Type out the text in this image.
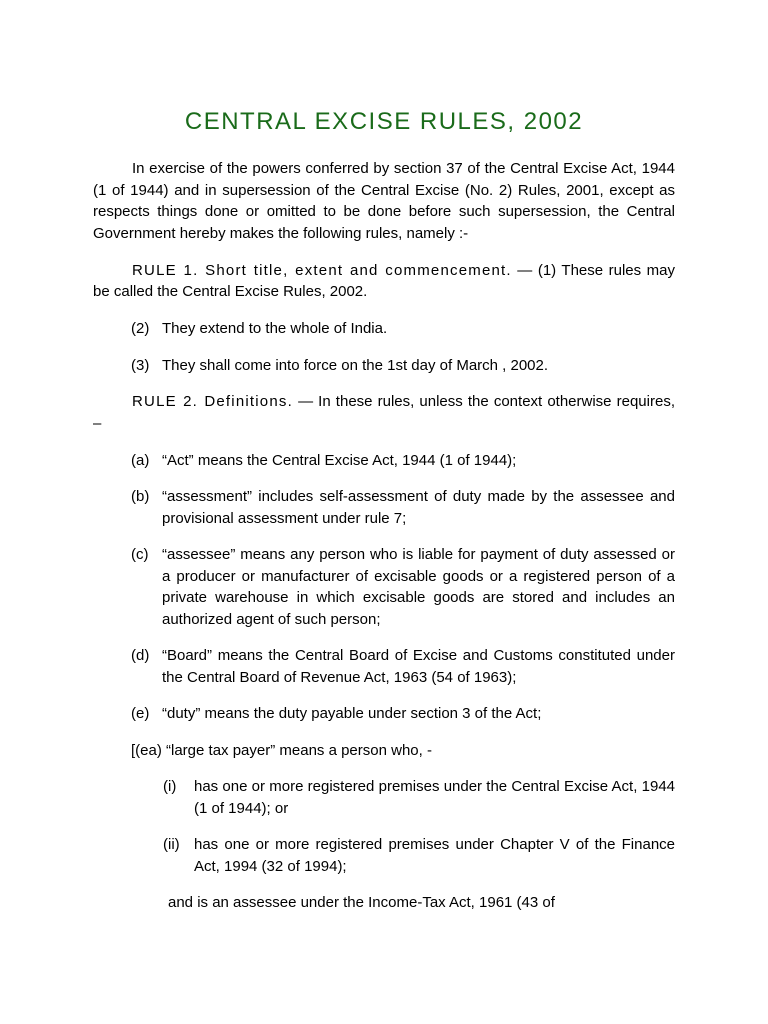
CENTRAL EXCISE RULES, 2002

In exercise of the powers conferred by section 37 of the Central Excise Act, 1944 (1 of 1944) and in supersession of the Central Excise (No. 2) Rules, 2001, except as respects things done or omitted to be done before such supersession, the Central Government hereby makes the following rules, namely :-

RULE 1. Short title, extent and commencement. — (1) These rules may be called the Central Excise Rules, 2002.

(2) They extend to the whole of India.
(3) They shall come into force on the 1st day of March , 2002.

RULE 2. Definitions. — In these rules, unless the context otherwise requires, –

(a) “Act” means the Central Excise Act, 1944 (1 of 1944);
(b) “assessment” includes self-assessment of duty made by the assessee and provisional assessment under rule 7;
(c) “assessee” means any person who is liable for payment of duty assessed or a producer or manufacturer of excisable goods or a registered person of a private warehouse in which excisable goods are stored and includes an authorized agent of such person;
(d) “Board” means the Central Board of Excise and Customs constituted under the Central Board of Revenue Act, 1963 (54 of 1963);
(e) “duty” means the duty payable under section 3 of the Act;

[(ea) “large tax payer” means a person who, -

(i)	has one or more registered premises under the Central Excise Act, 1944 (1 of 1944); or
(ii) has one or more registered premises under Chapter V of the Finance Act, 1994 (32 of 1994);

and is an assessee under the Income-Tax Act, 1961 (43 of
